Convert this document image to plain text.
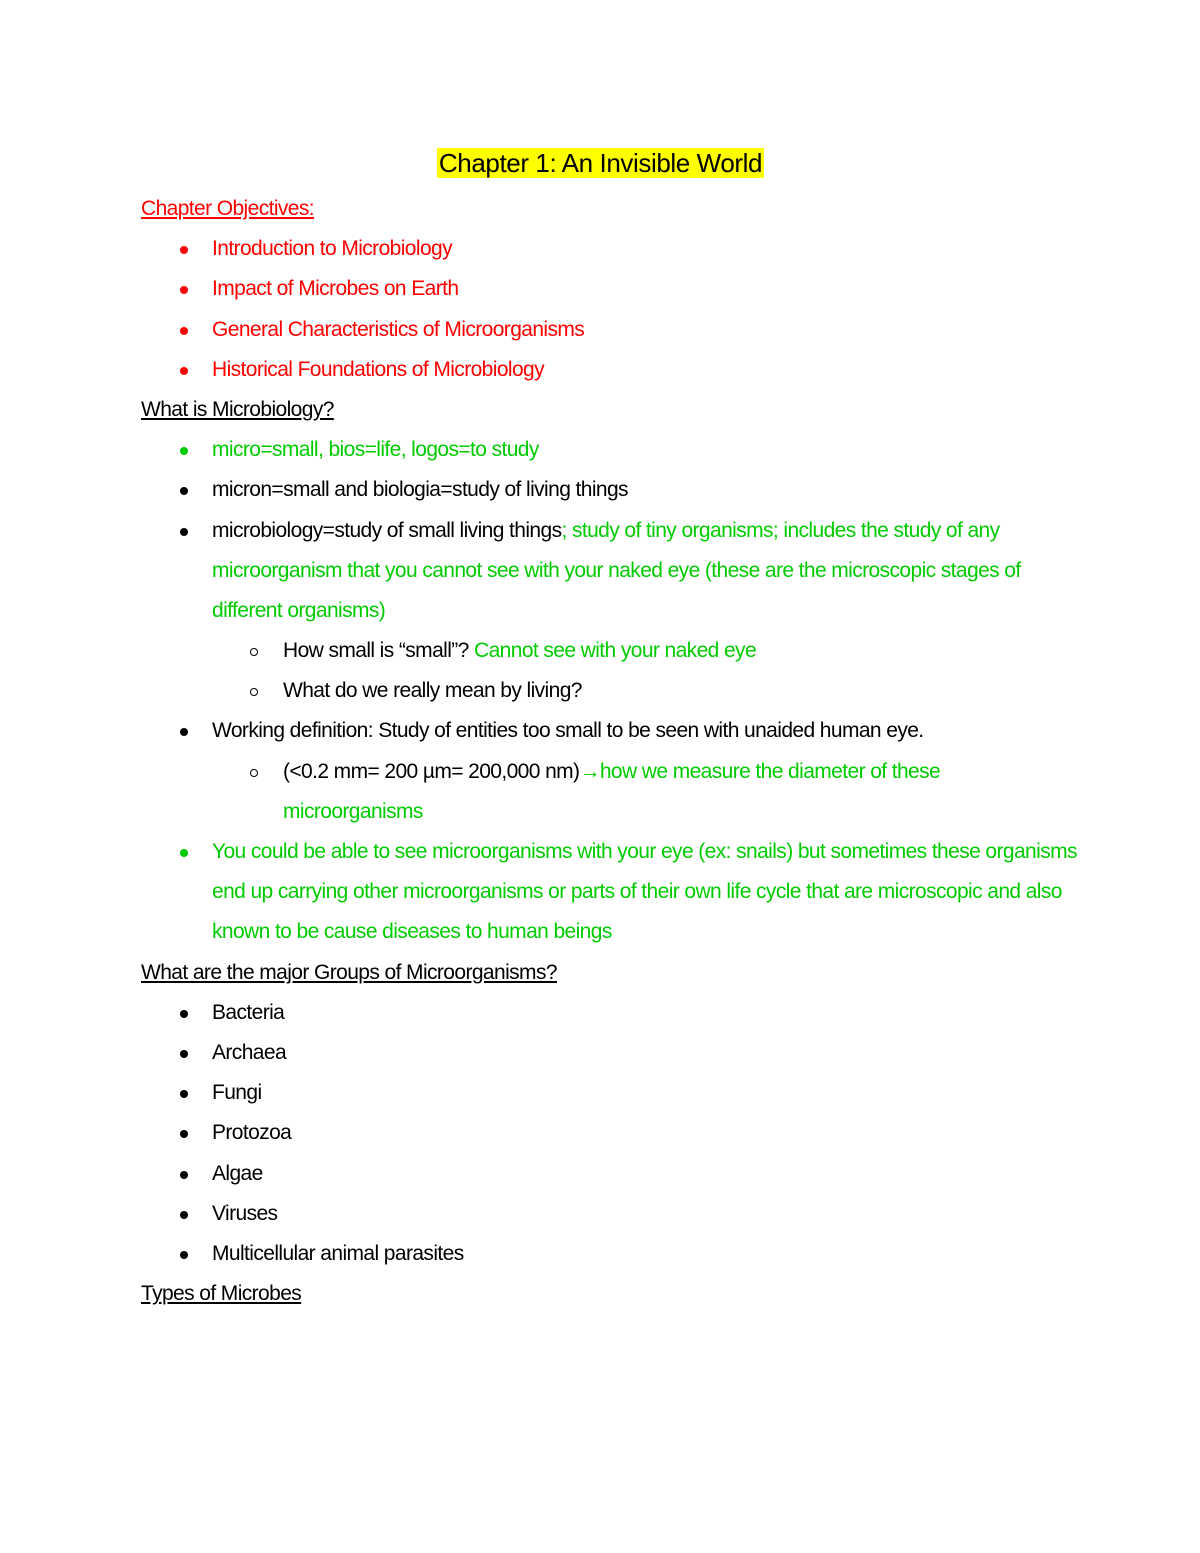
Chapter 1: An Invisible World
Chapter Objectives:
Introduction to Microbiology
Impact of Microbes on Earth
General Characteristics of Microorganisms
Historical Foundations of Microbiology
What is Microbiology?
micro=small, bios=life, logos=to study
micron=small and biologia=study of living things
microbiology=study of small living things; study of tiny organisms; includes the study of any
microorganism that you cannot see with your naked eye (these are the microscopic stages of
different organisms)
How small is “small”? Cannot see with your naked eye
What do we really mean by living?
Working definition: Study of entities too small to be seen with unaided human eye.
(<0.2 mm= 200 µm= 200,000 nm)→how we measure the diameter of these
microorganisms
You could be able to see microorganisms with your eye (ex: snails) but sometimes these organisms
end up carrying other microorganisms or parts of their own life cycle that are microscopic and also
known to be cause diseases to human beings
What are the major Groups of Microorganisms?
Bacteria
Archaea
Fungi
Protozoa
Algae
Viruses
Multicellular animal parasites
Types of Microbes
